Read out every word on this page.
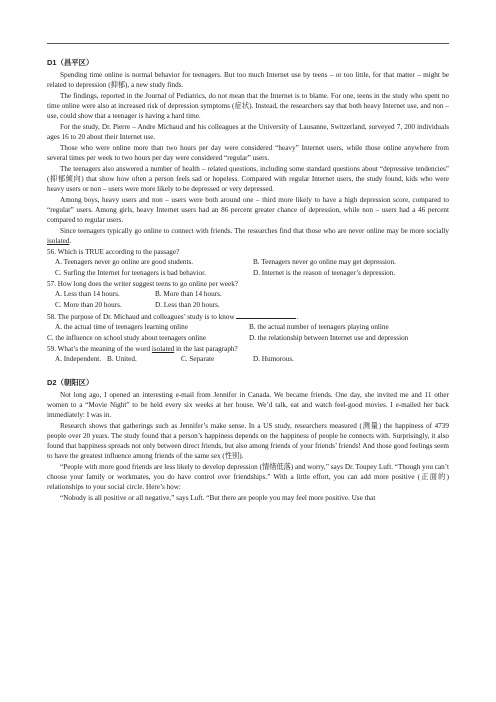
D1（昌平区）

Spending time online is normal behavior for teenagers. But too much Internet use by teens – or too little, for that matter – might be related to depression (抑郁), a new study finds.

The findings, reported in the Journal of Pediatrics, do not mean that the Internet is to blame. For one, teens in the study who spent no time online were also at increased risk of depression symptoms (症状). Instead, the researchers say that both heavy Internet use, and non – use, could show that a teenager is having a hard time.

For the study, Dr. Pierre – Andre Michaud and his colleagues at the University of Lausanne, Switzerland, surveyed 7, 200 individuals ages 16 to 20 about their Internet use.

Those who were online more than two hours per day were considered “heavy” Internet users, while those online anywhere from several times per week to two hours per day were considered “regular” users.

The teenagers also answered a number of health – related questions, including some standard questions about “depressive tendencies” (抑郁倾向) that show how often a person feels sad or hopeless. Compared with regular Internet users, the study found, kids who were heavy users or non – users were more likely to be depressed or very depressed.

Among boys, heavy users and non – users were both around one – third more likely to have a high depression score, compared to “regular” users. Among girls, heavy Internet users had an 86 percent greater chance of depression, while non – users had a 46 percent compared to regular users.

Since teenagers typically go online to connect with friends. The researches find that those who are never online may be more socially isolated.

56. Which is TRUE according to the passage?

A. Teenagers never go online are good students.	B. Teenagers never go online may get depression.
C. Surfing the Internet for teenagers is bad behavior.	D. Internet is the reason of teenager’s depression.

57. How long does the writer suggest teens to go online per week?

A. Less than 14 hours.	B. More than 14 hours.
C. More than 20 hours.	D. Less than 20 hours.

58. The purpose of Dr. Michaud and colleagues’ study is to know	.

A. the actual time of teenagers learning online	B. the actual number of teenagers playing online
C. the influence on school study about teenagers online	D. the relationship between Internet use and depression

59. What’s the meaning of the word isolated in the last paragraph?

A. Independent. B. United.	C. Separate	D. Humorous.
D2（朝阳区）

Not long ago, I opened an interesting e-mail from Jennifer in Canada. We became friends. One day, she invited me and 11 other women to a “Movie Night” to be held every six weeks at her house. We’d talk, eat and watch feel-good movies. I e-mailed her back immediately: I was in.

Research shows that gatherings such as Jennifer’s make sense. In a US study, researchers measured (测量) the happiness of 4739 people over 20 years. The study found that a person’s happiness depends on the happiness of people he connects with. Surprisingly, it also found that happiness spreads not only between direct friends, but also among friends of your friends’ friends! And those good feelings seem to have the greatest influence among friends of the same sex (性别).

“People with more good friends are less likely to develop depression (情绪低落) and worry,” says Dr. Toupey Luft. “Though you can’t choose your family or workmates, you do have control over friendships.” With a little effort, you can add more positive (正面的) relationships to your social circle. Here’s how:

“Nobody is all positive or all negative,” says Luft. “But there are people you may feel more positive. Use that
